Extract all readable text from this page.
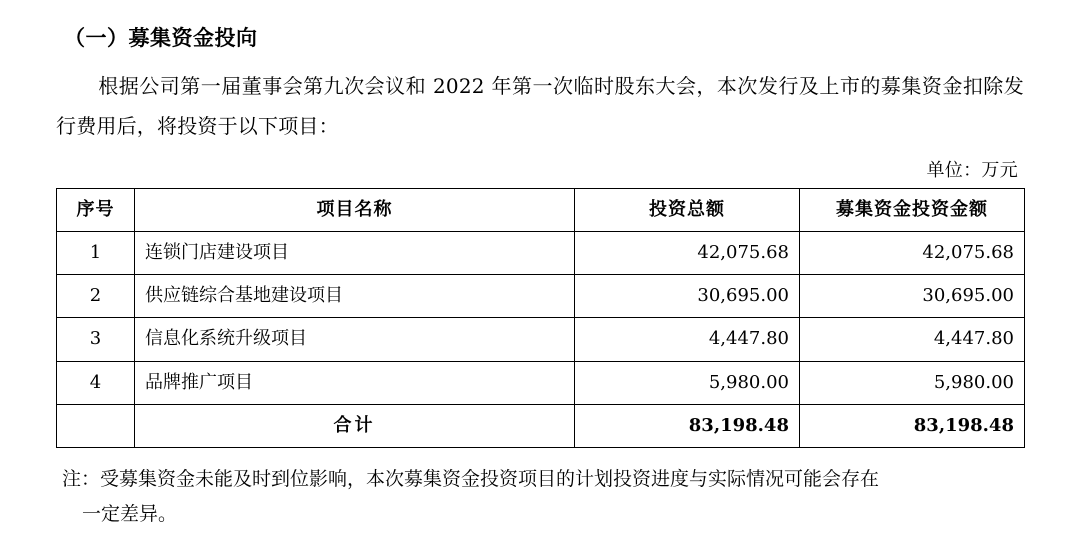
（一）募集资金投向

根据公司第一届董事会第九次会议和 2022 年第一次临时股东大会，本次发行及上市的募集资金扣除发行费用后，将投资于以下项目：

单位：万元
序号	项目名称	投资总额	募集资金投资金额
1	连锁门店建设项目	42,075.68	42,075.68
2	供应链综合基地建设项目	30,695.00	30,695.00
3	信息化系统升级项目	4,447.80	4,447.80
4	品牌推广项目	5,980.00	5,980.00
	合计	83,198.48	83,198.48
注：受募集资金未能及时到位影响，本次募集资金投资项目的计划投资进度与实际情况可能会存在
一定差异。
